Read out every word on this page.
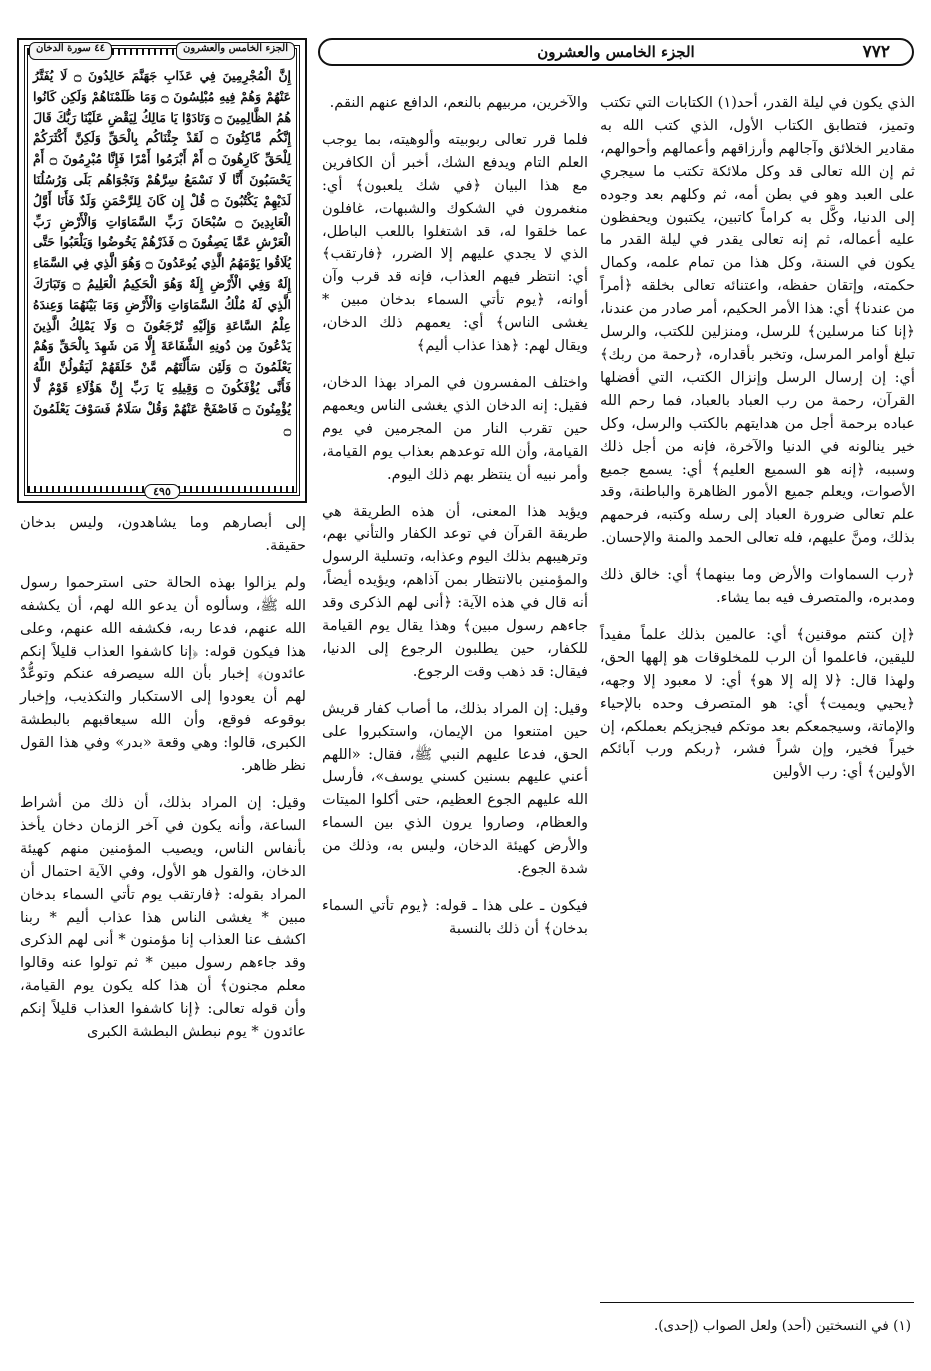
٧٧٢
الجزء الخامس والعشرون
الجزء الخامس والعشرون
٤٤ سورة الدخان
إِنَّ الْمُجْرِمِينَ فِي عَذَابِ جَهَنَّمَ خَالِدُونَ ۝ لَا يُفَتَّرُ عَنْهُمْ وَهُمْ فِيهِ مُبْلِسُونَ ۝ وَمَا ظَلَمْنَاهُمْ وَلَكِن كَانُوا هُمُ الظَّالِمِينَ ۝ وَنَادَوْا يَا مَالِكُ لِيَقْضِ عَلَيْنَا رَبُّكَ قَالَ إِنَّكُم مَّاكِثُونَ ۝ لَقَدْ جِئْنَاكُم بِالْحَقِّ وَلَكِنَّ أَكْثَرَكُمْ لِلْحَقِّ كَارِهُونَ ۝ أَمْ أَبْرَمُوا أَمْرًا فَإِنَّا مُبْرِمُونَ ۝ أَمْ يَحْسَبُونَ أَنَّا لَا نَسْمَعُ سِرَّهُمْ وَنَجْوَاهُم بَلَى وَرُسُلُنَا لَدَيْهِمْ يَكْتُبُونَ ۝ قُلْ إِن كَانَ لِلرَّحْمَنِ وَلَدٌ فَأَنَا أَوَّلُ الْعَابِدِينَ ۝ سُبْحَانَ رَبِّ السَّمَاوَاتِ وَالْأَرْضِ رَبِّ الْعَرْشِ عَمَّا يَصِفُونَ ۝ فَذَرْهُمْ يَخُوضُوا وَيَلْعَبُوا حَتَّى يُلَاقُوا يَوْمَهُمُ الَّذِي يُوعَدُونَ ۝ وَهُوَ الَّذِي فِي السَّمَاءِ إِلَهٌ وَفِي الْأَرْضِ إِلَهٌ وَهُوَ الْحَكِيمُ الْعَلِيمُ ۝ وَتَبَارَكَ الَّذِي لَهُ مُلْكُ السَّمَاوَاتِ وَالْأَرْضِ وَمَا بَيْنَهُمَا وَعِندَهُ عِلْمُ السَّاعَةِ وَإِلَيْهِ تُرْجَعُونَ ۝ وَلَا يَمْلِكُ الَّذِينَ يَدْعُونَ مِن دُونِهِ الشَّفَاعَةَ إِلَّا مَن شَهِدَ بِالْحَقِّ وَهُمْ يَعْلَمُونَ ۝ وَلَئِن سَأَلْتَهُم مَّنْ خَلَقَهُمْ لَيَقُولُنَّ اللَّهُ فَأَنَّى يُؤْفَكُونَ ۝ وَقِيلِهِ يَا رَبِّ إِنَّ هَؤُلَاءِ قَوْمٌ لَّا يُؤْمِنُونَ ۝ فَاصْفَحْ عَنْهُمْ وَقُلْ سَلَامٌ فَسَوْفَ يَعْلَمُونَ ۝
٤٩٥

الذي يكون في ليلة القدر، أحد(١) الكتابات التي تكتب وتميز، فتطابق الكتاب الأول، الذي كتب الله به مقادير الخلائق وآجالهم وأرزاقهم وأعمالهم وأحوالهم، ثم إن الله تعالى قد وكل ملائكة تكتب ما سيجري على العبد وهو في بطن أمه، ثم وكلهم بعد وجوده إلى الدنيا، وكَّل به كراماً كاتبين، يكتبون ويحفظون عليه أعماله، ثم إنه تعالى يقدر في ليلة القدر ما يكون في السنة، وكل هذا من تمام علمه، وكمال حكمته، وإتقان حفظه، واعتنائه تعالى بخلقه ﴿أمراً من عندنا﴾ أي: هذا الأمر الحكيم، أمر صادر من عندنا، ﴿إنا كنا مرسلين﴾ للرسل، ومنزلين للكتب، والرسل تبلغ أوامر المرسل، وتخبر بأقداره، ﴿رحمة من ربك﴾ أي: إن إرسال الرسل وإنزال الكتب، التي أفضلها القرآن، رحمة من رب العباد بالعباد، فما رحم الله عباده برحمة أجل من هدايتهم بالكتب والرسل، وكل خير ينالونه في الدنيا والآخرة، فإنه من أجل ذلك وسببه، ﴿إنه هو السميع العليم﴾ أي: يسمع جميع الأصوات، ويعلم جميع الأمور الظاهرة والباطنة، وقد علم تعالى ضرورة العباد إلى رسله وكتبه، فرحمهم بذلك، ومنَّ عليهم، فله تعالى الحمد والمنة والإحسان.

﴿رب السماوات والأرض وما بينهما﴾ أي: خالق ذلك ومدبره، والمتصرف فيه بما يشاء.

﴿إن كنتم موقنين﴾ أي: عالمين بذلك علماً مفيداً لليقين، فاعلموا أن الرب للمخلوقات هو إلهها الحق، ولهذا قال: ﴿لا إله إلا هو﴾ أي: لا معبود إلا وجهه، ﴿يحيي ويميت﴾ أي: هو المتصرف وحده بالإحياء والإماتة، وسيجمعكم بعد موتكم فيجزيكم بعملكم، إن خيراً فخير، وإن شراً فشر، ﴿ربكم ورب آبائكم الأولين﴾ أي: رب الأولين

والآخرين، مربيهم بالنعم، الدافع عنهم النقم.

فلما قرر تعالى ربوبيته وألوهيته، بما يوجب العلم التام ويدفع الشك، أخبر أن الكافرين مع هذا البيان ﴿في شك يلعبون﴾ أي: منغمرون في الشكوك والشبهات، غافلون عما خلقوا له، قد اشتغلوا باللعب الباطل، الذي لا يجدي عليهم إلا الضرر، ﴿فارتقب﴾ أي: انتظر فيهم العذاب، فإنه قد قرب وآن أوانه، ﴿يوم تأتي السماء بدخان مبين * يغشى الناس﴾ أي: يعمهم ذلك الدخان، ويقال لهم: ﴿هذا عذاب أليم﴾

واختلف المفسرون في المراد بهذا الدخان، فقيل: إنه الدخان الذي يغشى الناس ويعمهم حين تقرب النار من المجرمين في يوم القيامة، وأن الله توعدهم بعذاب يوم القيامة، وأمر نبيه أن ينتظر بهم ذلك اليوم.

ويؤيد هذا المعنى، أن هذه الطريقة هي طريقة القرآن في توعد الكفار والتأني بهم، وترهيبهم بذلك اليوم وعذابه، وتسلية الرسول والمؤمنين بالانتظار بمن آذاهم، ويؤيده أيضاً، أنه قال في هذه الآية: ﴿أنى لهم الذكرى وقد جاءهم رسول مبين﴾ وهذا يقال يوم القيامة للكفار، حين يطلبون الرجوع إلى الدنيا، فيقال: قد ذهب وقت الرجوع.

وقيل: إن المراد بذلك، ما أصاب كفار قريش حين امتنعوا من الإيمان، واستكبروا على الحق، فدعا عليهم النبي ﷺ، فقال: «اللهم أعني عليهم بسنين كسني يوسف»، فأرسل الله عليهم الجوع العظيم، حتى أكلوا الميتات والعظام، وصاروا يرون الذي بين السماء والأرض كهيئة الدخان، وليس به، وذلك من شدة الجوع.

فيكون ـ على هذا ـ قوله: ﴿يوم تأتي السماء بدخان﴾ أن ذلك بالنسبة

إلى أبصارهم وما يشاهدون، وليس بدخان حقيقة.

ولم يزالوا بهذه الحالة حتى استرحموا رسول الله ﷺ، وسألوه أن يدعو الله لهم، أن يكشفه الله عنهم، فدعا ربه، فكشفه الله عنهم، وعلى هذا فيكون قوله: ﴿إنا كاشفوا العذاب قليلاً إنكم عائدون﴾ إخبار بأن الله سيصرفه عنكم وتوعُّدٌ لهم أن يعودوا إلى الاستكبار والتكذيب، وإخبار بوقوعه فوقع، وأن الله سيعاقبهم بالبطشة الكبرى، قالوا: وهي وقعة «بدر» وفي هذا القول نظر ظاهر.

وقيل: إن المراد بذلك، أن ذلك من أشراط الساعة، وأنه يكون في آخر الزمان دخان يأخذ بأنفاس الناس، ويصيب المؤمنين منهم كهيئة الدخان، والقول هو الأول، وفي الآية احتمال أن المراد بقوله: ﴿فارتقب يوم تأتي السماء بدخان مبين * يغشى الناس هذا عذاب أليم * ربنا اكشف عنا العذاب إنا مؤمنون * أنى لهم الذكرى وقد جاءهم رسول مبين * ثم تولوا عنه وقالوا معلم مجنون﴾ أن هذا كله يكون يوم القيامة، وأن قوله تعالى: ﴿إنا كاشفوا العذاب قليلاً إنكم عائدون * يوم نبطش البطشة الكبرى

(١) في النسختين (أحد) ولعل الصواب (إحدى).
